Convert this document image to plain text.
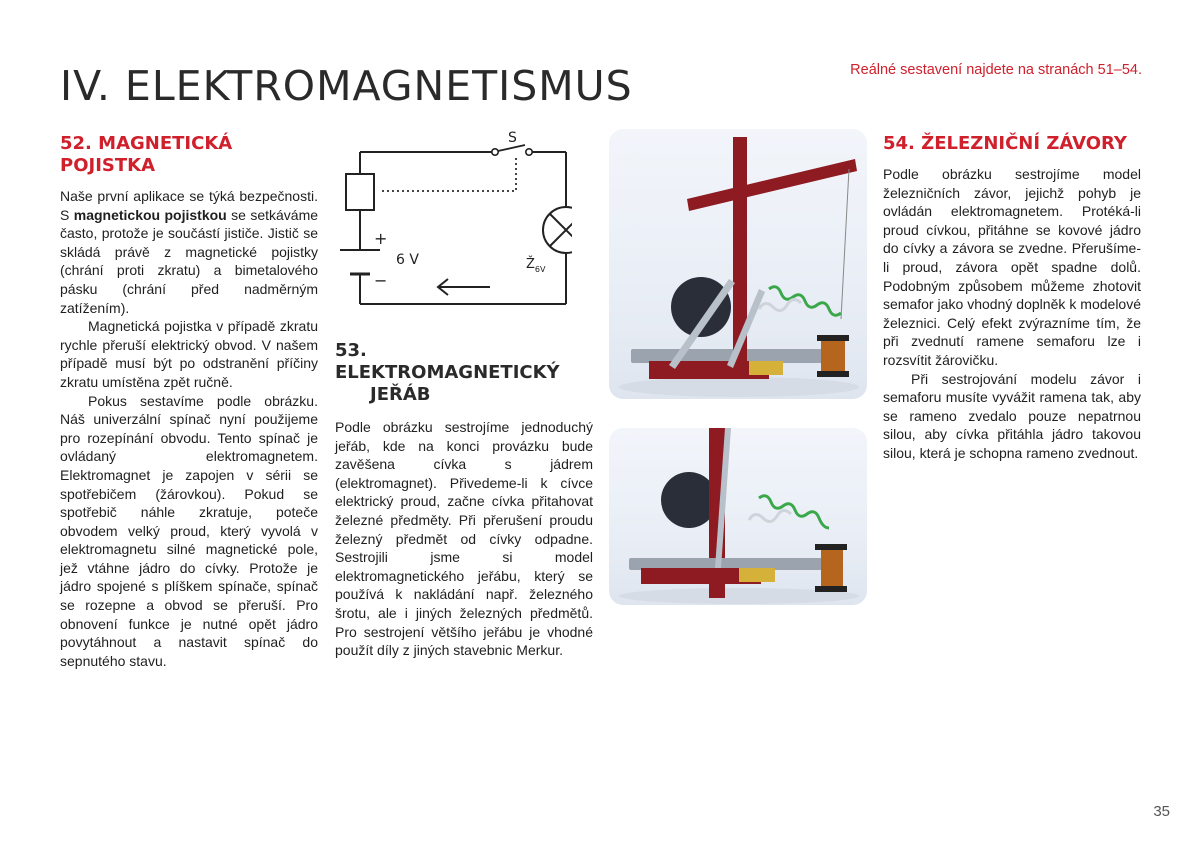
IV. ELEKTROMAGNETISMUS	Reálné sestavení najdete na stranách 51–54.
52. MAGNETICKÁ POJISTKA

Naše první aplikace se týká bezpečnosti. S magnetickou pojistkou se setkáváme často, protože je součástí jističe. Jistič se skládá právě z magnetické pojistky (chrání proti zkratu) a bimetalového pásku (chrání před nadměrným zatížením).

Magnetická pojistka v případě zkratu rychle přeruší elektrický obvod. V našem případě musí být po odstranění příčiny zkratu umístěna zpět ručně.

Pokus sestavíme podle obrázku. Náš univerzální spínač nyní použijeme pro rozepínání obvodu. Tento spínač je ovládaný elektromagnetem. Elektromagnet je zapojen v sérii se spotřebičem (žárovkou). Pokud se spotřebič náhle zkratuje, poteče obvodem velký proud, který vyvolá v elektromagnetu silné magnetické pole, jež vtáhne jádro do cívky. Protože je jádro spojené s plíškem spínače, spínač se rozepne a obvod se přeruší. Pro obnovení funkce je nutné opět jádro povytáhnout a nastavit spínač do sepnutého stavu.

S
+
−
6 V	$Ž_{6V}$
53. ELEKTROMAGNETICKÝ
JEŘÁB

Podle obrázku sestrojíme jednoduchý jeřáb, kde na konci provázku bude zavěšena cívka s jádrem (elektromagnet). Přivedeme-li k cívce elektrický proud, začne cívka přitahovat železné předměty. Při přerušení proudu železný předmět od cívky odpadne. Sestrojili jsme si model elektromagnetického jeřábu, který se používá k nakládání např. železného šrotu, ale i jiných železných předmětů. Pro sestrojení většího jeřábu je vhodné použít díly z jiných stavebnic Merkur.

54. ŽELEZNIČNÍ ZÁVORY

Podle obrázku sestrojíme model železničních závor, jejichž pohyb je ovládán elektromagnetem. Protéká-li proud cívkou, přitáhne se kovové jádro do cívky a závora se zvedne. Přerušíme-li proud, závora opět spadne dolů. Podobným způsobem můžeme zhotovit semafor jako vhodný doplněk k modelové železnici. Celý efekt zvýrazníme tím, že při zvednutí ramene semaforu lze i rozsvítit žárovičku.

Při sestrojování modelu závor i semaforu musíte vyvážit ramena tak, aby se rameno zvedalo pouze nepatrnou silou, aby cívka přitáhla jádro takovou silou, která je schopna rameno zvednout.

35
